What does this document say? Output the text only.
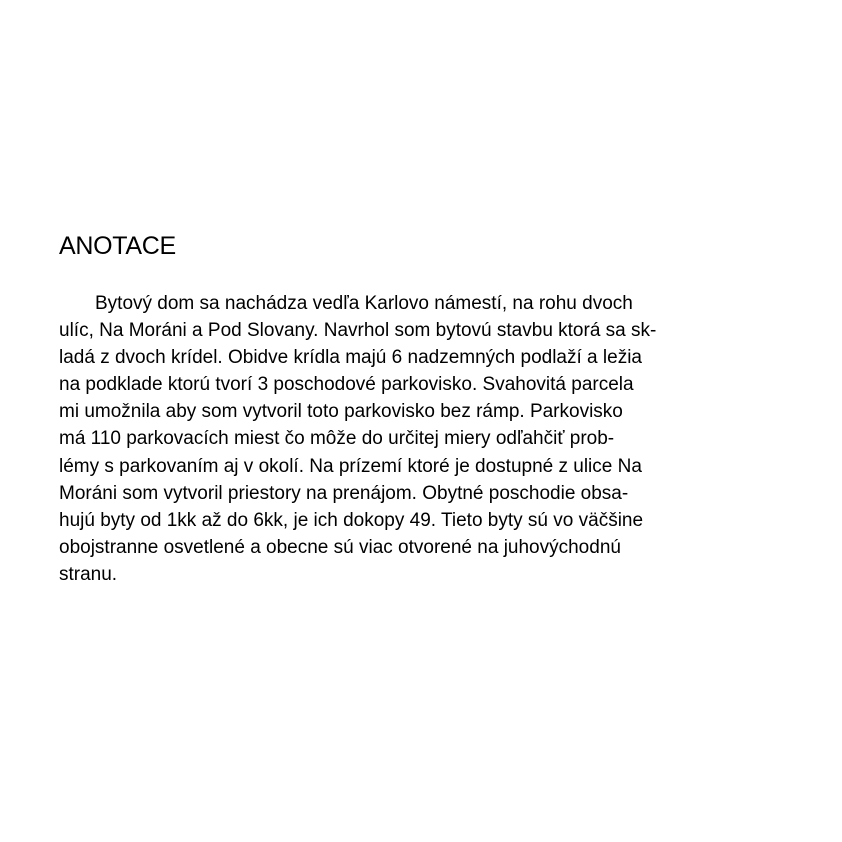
ANOTACE
Bytový dom sa nachádza vedľa Karlovo námestí, na rohu dvoch
ulíc, Na Moráni a Pod Slovany. Navrhol som bytovú stavbu ktorá sa sk-
ladá z dvoch krídel. Obidve krídla majú 6 nadzemných podlaží a ležia
na podklade ktorú tvorí 3 poschodové parkovisko. Svahovitá parcela
mi umožnila aby som vytvoril toto parkovisko bez rámp. Parkovisko
má 110 parkovacích miest čo môže do určitej miery odľahčiť prob-
lémy s parkovaním aj v okolí. Na prízemí ktoré je dostupné z ulice Na
Moráni som vytvoril priestory na prenájom. Obytné poschodie obsa-
hujú byty od 1kk až do 6kk, je ich dokopy 49. Tieto byty sú vo väčšine
obojstranne osvetlené a obecne sú viac otvorené na juhovýchodnú
stranu.
